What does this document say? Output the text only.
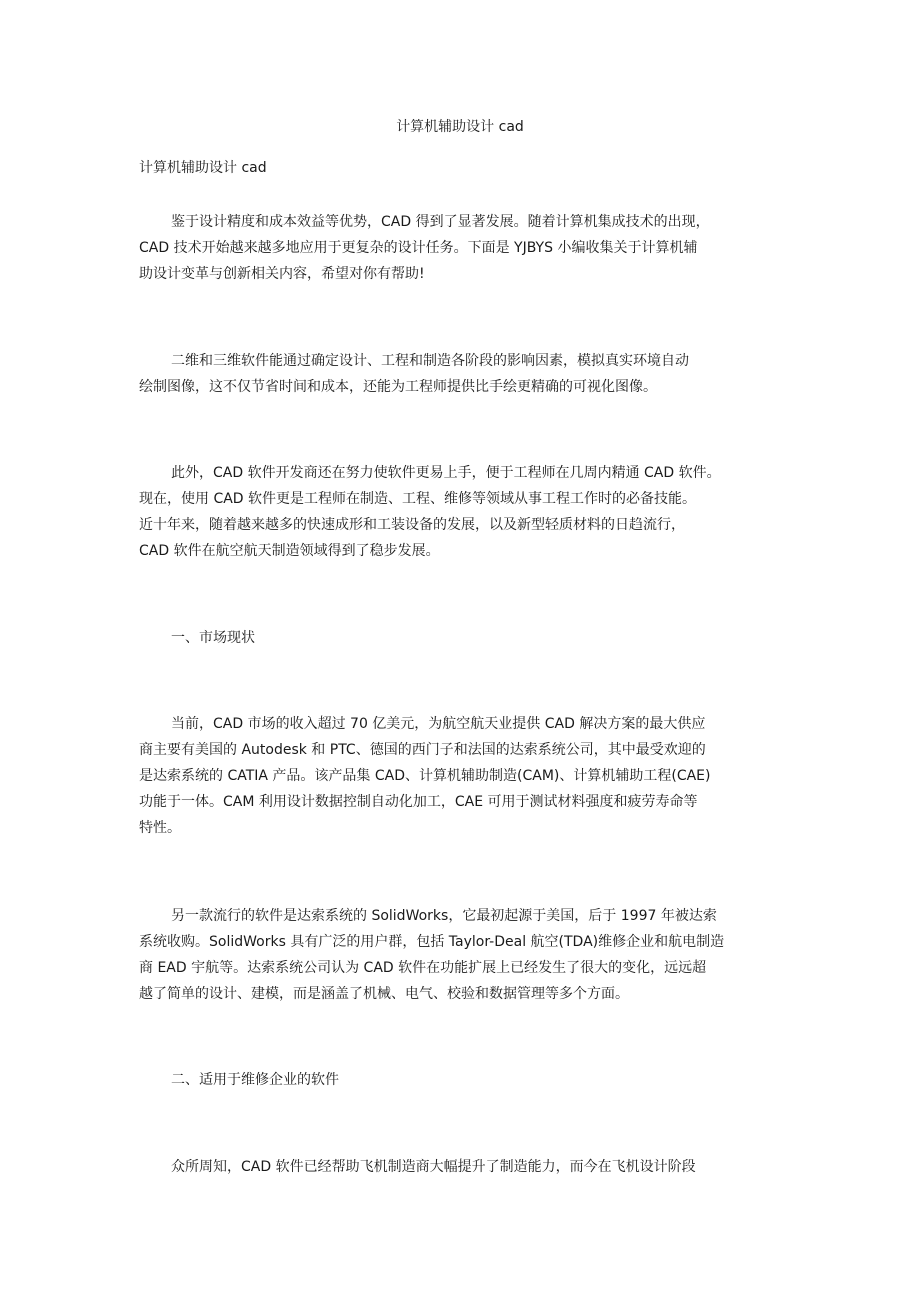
计算机辅助设计 cad
计算机辅助设计 cad
鉴于设计精度和成本效益等优势，CAD 得到了显著发展。随着计算机集成技术的出现，
CAD 技术开始越来越多地应用于更复杂的设计任务。下面是 YJBYS 小编收集关于计算机辅
助设计变革与创新相关内容，希望对你有帮助!
二维和三维软件能通过确定设计、工程和制造各阶段的影响因素，模拟真实环境自动
绘制图像，这不仅节省时间和成本，还能为工程师提供比手绘更精确的可视化图像。
此外，CAD 软件开发商还在努力使软件更易上手，便于工程师在几周内精通 CAD 软件。
现在，使用 CAD 软件更是工程师在制造、工程、维修等领域从事工程工作时的必备技能。
近十年来，随着越来越多的快速成形和工装设备的发展，以及新型轻质材料的日趋流行，
CAD 软件在航空航天制造领域得到了稳步发展。
一、市场现状
当前，CAD 市场的收入超过 70 亿美元，为航空航天业提供 CAD 解决方案的最大供应
商主要有美国的 Autodesk 和 PTC、德国的西门子和法国的达索系统公司，其中最受欢迎的
是达索系统的 CATIA 产品。该产品集 CAD、计算机辅助制造(CAM)、计算机辅助工程(CAE)
功能于一体。CAM 利用设计数据控制自动化加工，CAE 可用于测试材料强度和疲劳寿命等
特性。
另一款流行的软件是达索系统的 SolidWorks，它最初起源于美国，后于 1997 年被达索
系统收购。SolidWorks 具有广泛的用户群，包括 Taylor-Deal 航空(TDA)维修企业和航电制造
商 EAD 宇航等。达索系统公司认为 CAD 软件在功能扩展上已经发生了很大的变化，远远超
越了简单的设计、建模，而是涵盖了机械、电气、校验和数据管理等多个方面。
二、适用于维修企业的软件
众所周知，CAD 软件已经帮助飞机制造商大幅提升了制造能力，而今在飞机设计阶段
